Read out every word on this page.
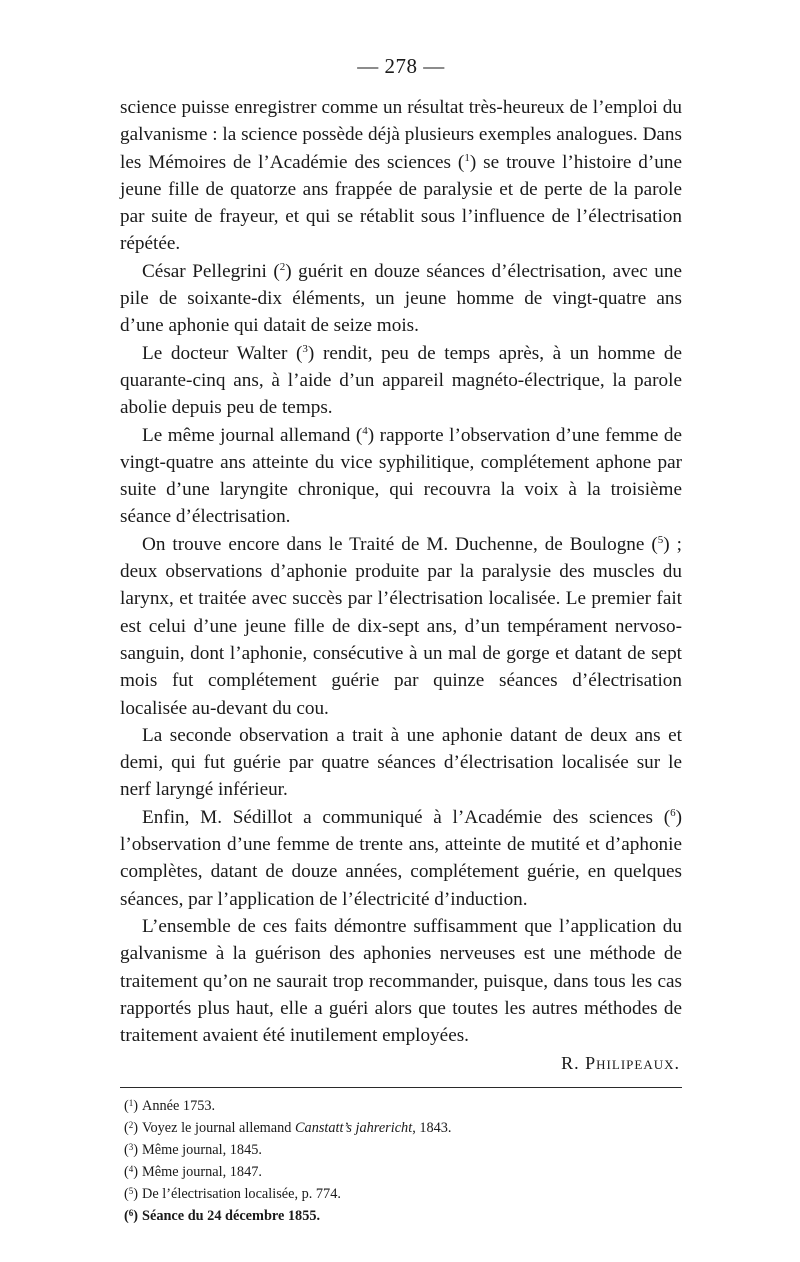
— 278 —

science puisse enregistrer comme un résultat très-heureux de l’emploi du galvanisme : la science possède déjà plusieurs exemples analogues. Dans les Mémoires de l’Académie des sciences ($^1$) se trouve l’histoire d’une jeune fille de quatorze ans frappée de paralysie et de perte de la parole par suite de frayeur, et qui se rétablit sous l’influence de l’électrisation répétée.

César Pellegrini ($^2$) guérit en douze séances d’électrisation, avec une pile de soixante-dix éléments, un jeune homme de vingt-quatre ans d’une aphonie qui datait de seize mois.

Le docteur Walter ($^3$) rendit, peu de temps après, à un homme de quarante-cinq ans, à l’aide d’un appareil magnéto-électrique, la parole abolie depuis peu de temps.

Le même journal allemand ($^4$) rapporte l’observation d’une femme de vingt-quatre ans atteinte du vice syphilitique, complétement aphone par suite d’une laryngite chronique, qui recouvra la voix à la troisième séance d’électrisation.

On trouve encore dans le Traité de M. Duchenne, de Boulogne ($^5$) ; deux observations d’aphonie produite par la paralysie des muscles du larynx, et traitée avec succès par l’électrisation localisée. Le premier fait est celui d’une jeune fille de dix-sept ans, d’un tempérament nervoso-sanguin, dont l’aphonie, consécutive à un mal de gorge et datant de sept mois fut complétement guérie par quinze séances d’électrisation localisée au-devant du cou.

La seconde observation a trait à une aphonie datant de deux ans et demi, qui fut guérie par quatre séances d’électrisation localisée sur le nerf laryngé inférieur.

Enfin, M. Sédillot a communiqué à l’Académie des sciences ($^6$) l’observation d’une femme de trente ans, atteinte de mutité et d’aphonie complètes, datant de douze années, complétement guérie, en quelques séances, par l’application de l’électricité d’induction.

L’ensemble de ces faits démontre suffisamment que l’application du galvanisme à la guérison des aphonies nerveuses est une méthode de traitement qu’on ne saurait trop recommander, puisque, dans tous les cas rapportés plus haut, elle a guéri alors que toutes les autres méthodes de traitement avaient été inutilement employées.

R. Philipeaux.
($^1$) Année 1753.
($^2$) Voyez le journal allemand Canstatt’s jahrericht, 1843.
($^3$) Même journal, 1845.
($^4$) Même journal, 1847.
($^5$) De l’électrisation localisée, p. 774.
($^6$) Séance du 24 décembre 1855.
